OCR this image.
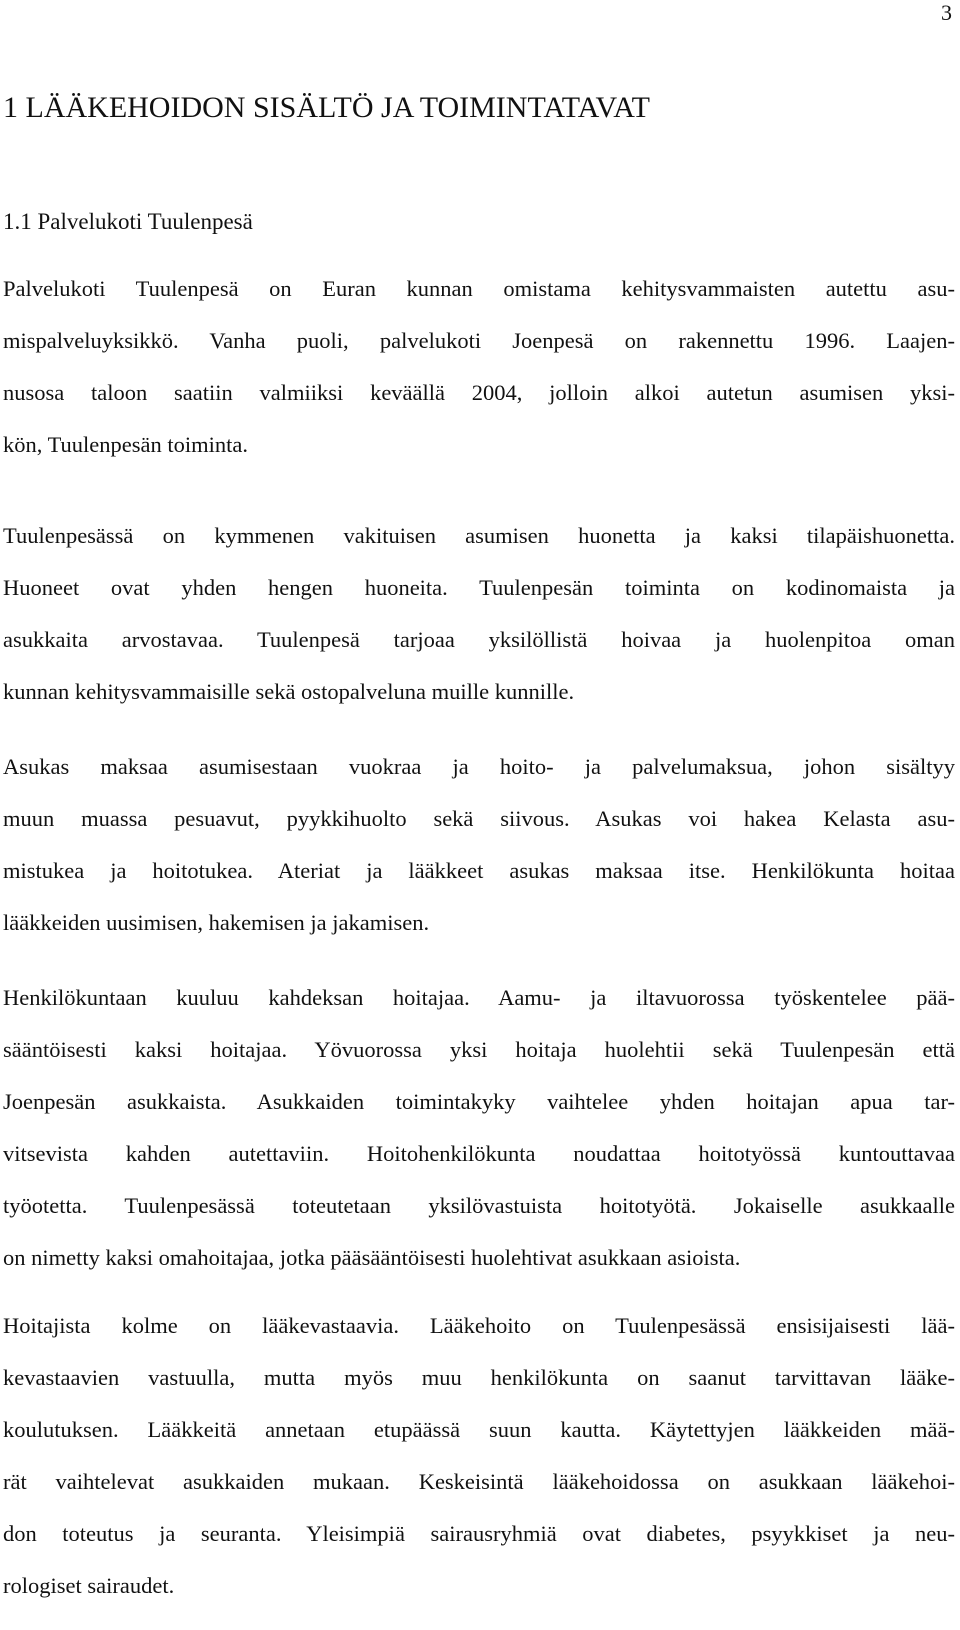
3
1 LÄÄKEHOIDON SISÄLTÖ JA TOIMINTATAVAT
1.1 Palvelukoti Tuulenpesä
Palvelukoti Tuulenpesä on Euran kunnan omistama kehitysvammaisten autettu asu-
mispalveluyksikkö. Vanha puoli, palvelukoti Joenpesä on rakennettu 1996. Laajen-
nusosa taloon saatiin valmiiksi keväällä 2004, jolloin alkoi autetun asumisen yksi-
kön, Tuulenpesän toiminta.
Tuulenpesässä on kymmenen vakituisen asumisen huonetta ja kaksi tilapäishuonetta.
Huoneet ovat yhden hengen huoneita. Tuulenpesän toiminta on kodinomaista ja
asukkaita arvostavaa. Tuulenpesä tarjoaa yksilöllistä hoivaa ja huolenpitoa oman
kunnan kehitysvammaisille sekä ostopalveluna muille kunnille.
Asukas maksaa asumisestaan vuokraa ja hoito- ja palvelumaksua, johon sisältyy
muun muassa pesuavut, pyykkihuolto sekä siivous. Asukas voi hakea Kelasta asu-
mistukea ja hoitotukea. Ateriat ja lääkkeet asukas maksaa itse. Henkilökunta hoitaa
lääkkeiden uusimisen, hakemisen ja jakamisen.
Henkilökuntaan kuuluu kahdeksan hoitajaa. Aamu- ja iltavuorossa työskentelee pää-
sääntöisesti kaksi hoitajaa. Yövuorossa yksi hoitaja huolehtii sekä Tuulenpesän että
Joenpesän asukkaista. Asukkaiden toimintakyky vaihtelee yhden hoitajan apua tar-
vitsevista kahden autettaviin. Hoitohenkilökunta noudattaa hoitotyössä kuntouttavaa
työotetta. Tuulenpesässä toteutetaan yksilövastuista hoitotyötä. Jokaiselle asukkaalle
on nimetty kaksi omahoitajaa, jotka pääsääntöisesti huolehtivat asukkaan asioista.
Hoitajista kolme on lääkevastaavia. Lääkehoito on Tuulenpesässä ensisijaisesti lää-
kevastaavien vastuulla, mutta myös muu henkilökunta on saanut tarvittavan lääke-
koulutuksen. Lääkkeitä annetaan etupäässä suun kautta. Käytettyjen lääkkeiden mää-
rät vaihtelevat asukkaiden mukaan. Keskeisintä lääkehoidossa on asukkaan lääkehoi-
don toteutus ja seuranta. Yleisimpiä sairausryhmiä ovat diabetes, psyykkiset ja neu-
rologiset sairaudet.
